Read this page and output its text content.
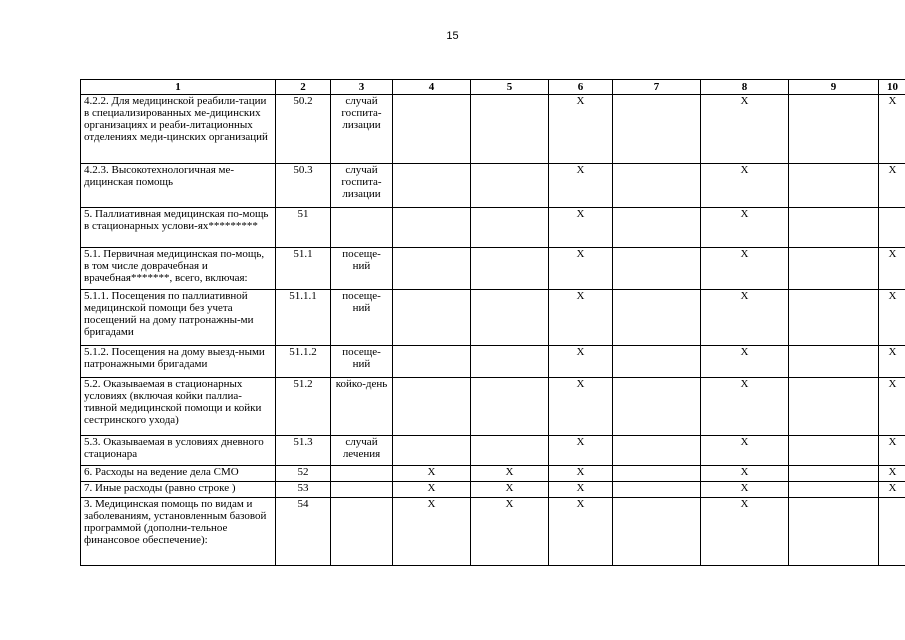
15
1	2	3	4	5	6	7	8	9	10
4.2.2. Для медицинской реабили-тации в специализированных ме-дицинских организациях и реаби-литационных отделениях меди-цинских организаций	50.2	случай госпита-лизации			X		X		X
4.2.3. Высокотехнологичная ме-дицинская помощь	50.3	случай госпита-лизации			X		X		X
5. Паллиативная медицинская по-мощь в стационарных услови-ях*********	51				X		X		
5.1. Первичная медицинская по-мощь, в том числе доврачебная и врачебная*******, всего, включая:	51.1	посеще-ний			X		X		X
5.1.1. Посещения по паллиативной медицинской помощи без учета посещений на дому патронажны-ми бригадами	51.1.1	посеще-ний			X		X		X
5.1.2. Посещения на дому выезд-ными патронажными бригадами	51.1.2	посеще-ний			X		X		X
5.2. Оказываемая в стационарных условиях (включая койки паллиа-тивной медицинской помощи и койки сестринского ухода)	51.2	койко-день			X		X		X
5.3. Оказываемая в условиях дневного стационара	51.3	случай лечения			X		X		X
6. Расходы на ведение дела СМО	52		X	X	X		X		X
7. Иные расходы (равно строке )	53		X	X	X		X		X
3. Медицинская помощь по видам и заболеваниям, установленным базовой программой (дополни-тельное финансовое обеспечение):	54		X	X	X		X		
